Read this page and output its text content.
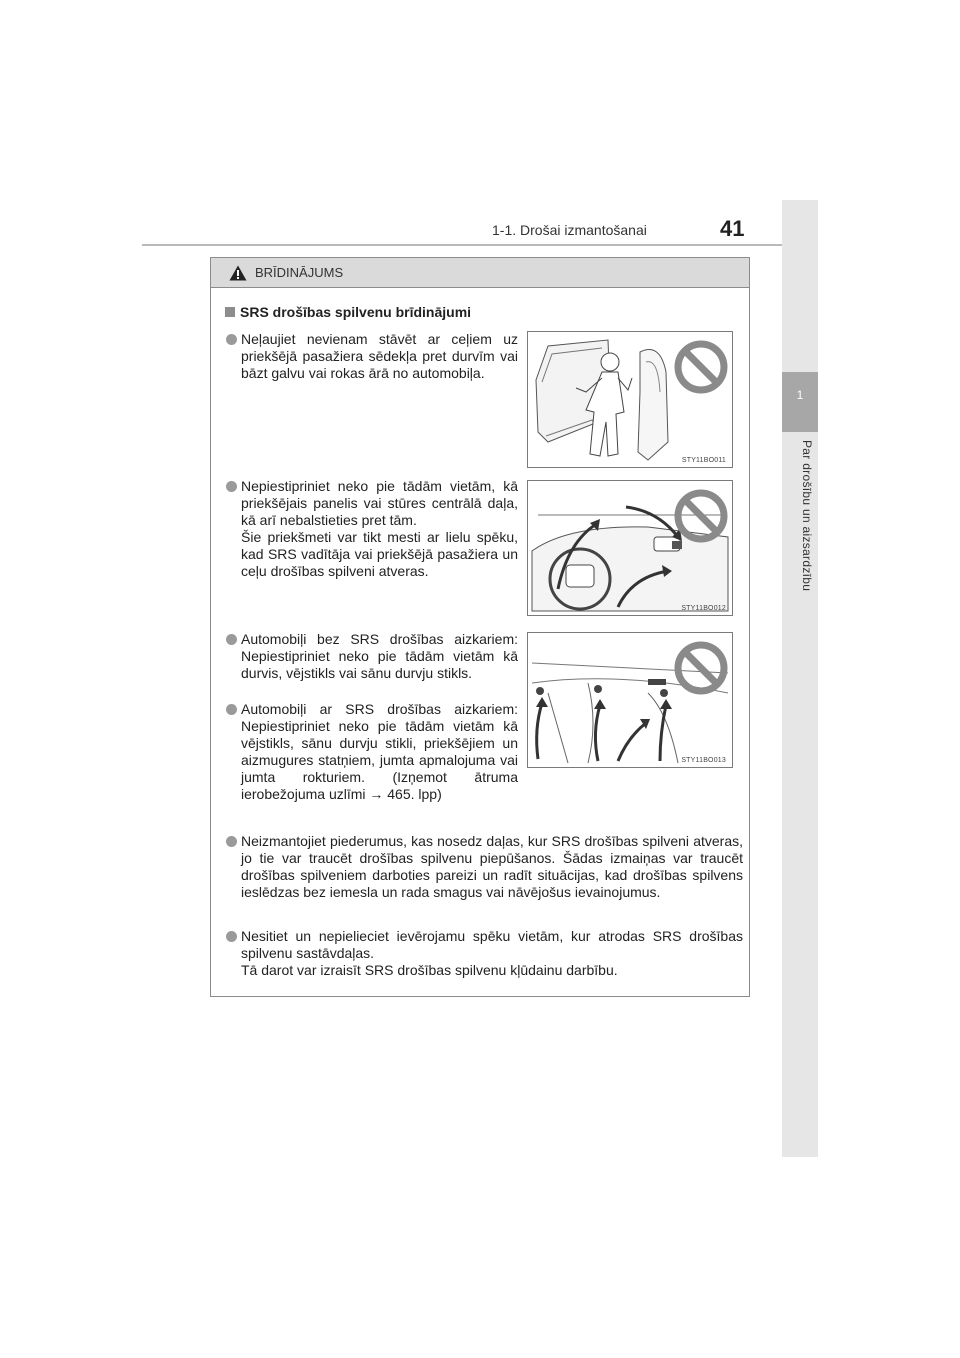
1-1. Drošai izmantošanai	41
1
Par drošību un aizsardzību
BRĪDINĀJUMS
SRS drošības spilvenu brīdinājumi

Neļaujiet nevienam stāvēt ar ceļiem uz priekšējā pasažiera sēdekļa pret durvīm vai bāzt galvu vai rokas ārā no automobiļa.

STY11BO011

Nepiestipriniet neko pie tādām vietām, kā priekšējais panelis vai stūres centrālā daļa, kā arī nebalstieties pret tām.
Šie priekšmeti var tikt mesti ar lielu spēku, kad SRS vadītāja vai priekšējā pasažiera un ceļu drošības spilveni atveras.

STY11BO012

Automobiļi bez SRS drošības aizkariem: Nepiestipriniet neko pie tādām vietām kā durvis, vējstikls vai sānu durvju stikls.

STY11BO013

Automobiļi ar SRS drošības aizkariem: Nepiestipriniet neko pie tādām vietām kā vējstikls, sānu durvju stikli, priekšējiem un aizmugures statņiem, jumta apmalojuma vai jumta rokturiem. (Izņemot ātruma ierobežojuma uzlīmi → 465. lpp)

Neizmantojiet piederumus, kas nosedz daļas, kur SRS drošības spilveni atveras, jo tie var traucēt drošības spilvenu piepūšanos. Šādas izmaiņas var traucēt drošības spilveniem darboties pareizi un radīt situācijas, kad drošības spilvens ieslēdzas bez iemesla un rada smagus vai nāvējošus ievainojumus.

Nesitiet un nepielieciet ievērojamu spēku vietām, kur atrodas SRS drošības spilvenu sastāvdaļas.
Tā darot var izraisīt SRS drošības spilvenu kļūdainu darbību.
